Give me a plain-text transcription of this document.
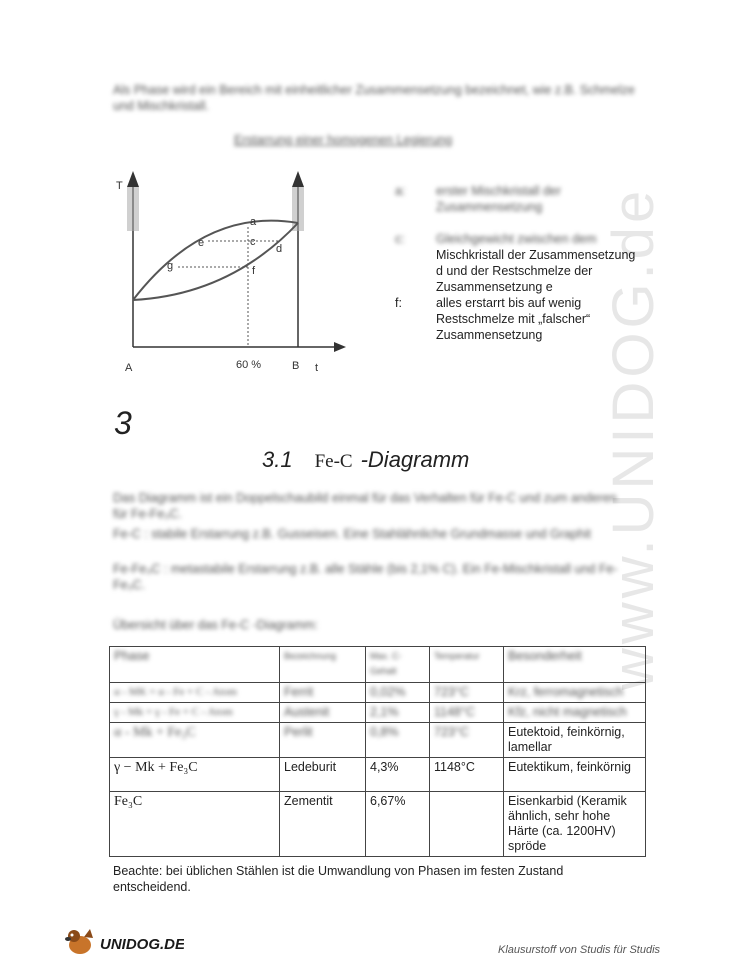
www.UNIDOG.de
Als Phase wird ein Bereich mit einheitlicher Zusammensetzung bezeichnet, wie z.B. Schmelze und Mischkristall.
Erstarrung einer homogenen Legierung
T
t
A	B
60 %
e	d
g	f
a
c
a: erster Mischkristall der Zusammensetzung
c:	Gleichgewicht zwischen dem
Mischkristall der Zusammensetzung d und der Restschmelze der Zusammensetzung e
f:	alles erstarrt bis auf wenig Restschmelze mit „falscher“ Zusammensetzung
3
3.1 Fe-C -Diagramm
Das Diagramm ist ein Doppelschaubild einmal für das Verhalten für Fe-C und zum anderen für Fe-Fe₃C.
Fe-C : stabile Erstarrung z.B. Gusseisen. Eine Stahlähnliche Grundmasse und Graphit
Fe-Fe₃C : metastabile Erstarrung z.B. alle Stähle (bis 2,1% C). Ein Fe-Mischkristall und Fe-Fe₃C.
Übersicht über das Fe-C -Diagramm:
Phase	Bezeichnung	Max. C-Gehalt	Temperatur	Besonderheit
α - MK = α - Fe + C - Atom	Ferrit	0,02%	723°C	Krz, ferromagnetisch
γ - Mk = γ - Fe + C - Atom	Austenit	2,1%	1148°C	Kfz, nicht magnetisch
α - Mk + Fe₃C	Perlit	0,8%	723°C	Eutektoid, feinkörnig, lamellar
γ − Mk + Fe₃C	Ledeburit	4,3%	1148°C	Eutektikum, feinkörnig
Fe₃C	Zementit	6,67%		Eisenkarbid (Keramik ähnlich, sehr hohe Härte (ca. 1200HV) spröde
Beachte: bei üblichen Stählen ist die Umwandlung von Phasen im festen Zustand entscheidend.
UNIDOG.DE	Klausurstoff von Studis für Studis
